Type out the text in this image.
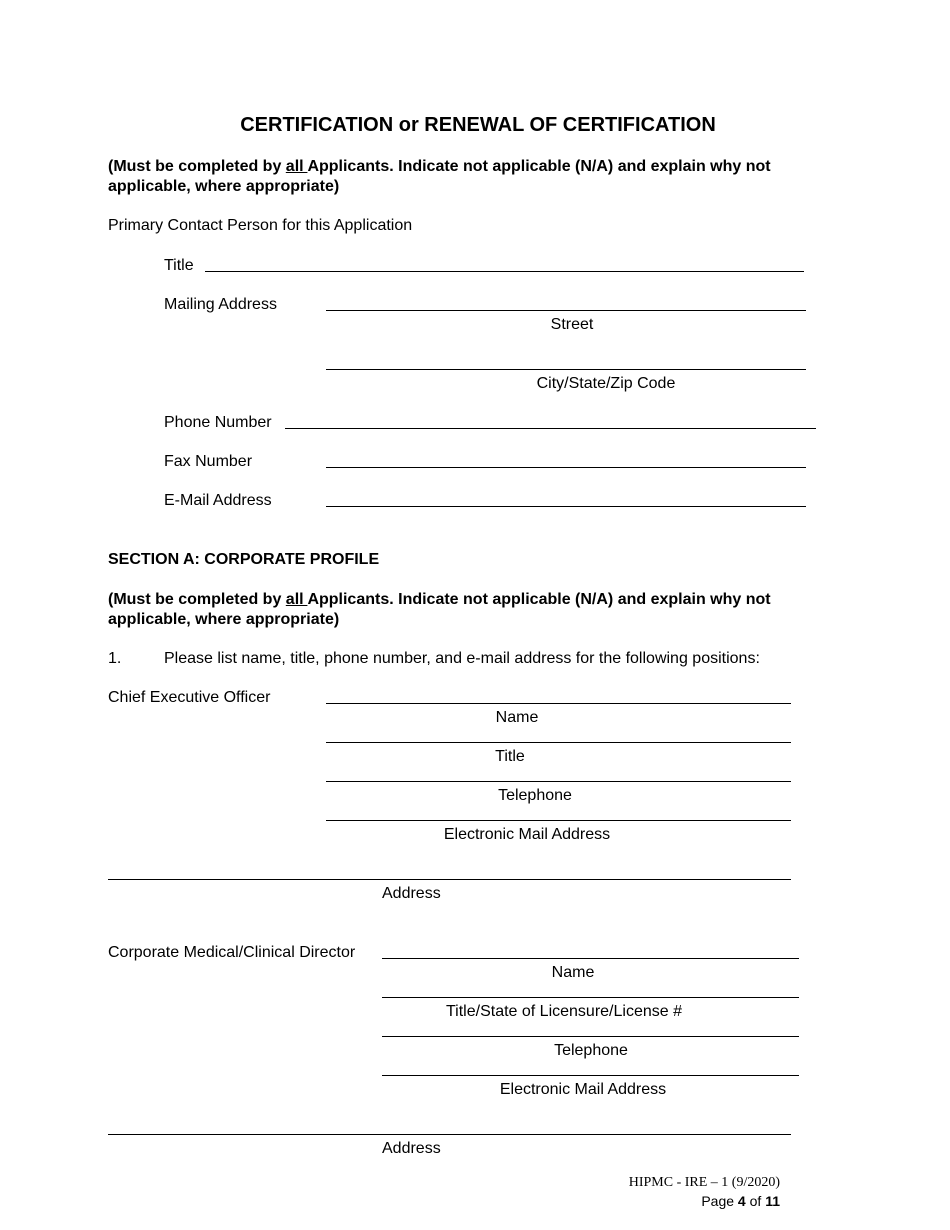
CERTIFICATION or RENEWAL OF CERTIFICATION
(Must be completed by all Applicants. Indicate not applicable (N/A) and explain why not applicable, where appropriate)
Primary Contact Person for this Application
Title
Mailing Address
Street
City/State/Zip Code
Phone Number
Fax Number
E-Mail Address
SECTION A: CORPORATE PROFILE
(Must be completed by all Applicants. Indicate not applicable (N/A) and explain why not applicable, where appropriate)
1.	Please list name, title, phone number, and e-mail address for the following positions:
Chief Executive Officer
Name
Title
Telephone
Electronic Mail Address
Address
Corporate Medical/Clinical Director
Name
Title/State of Licensure/License #
Telephone
Electronic Mail Address
Address
HIPMC - IRE – 1 (9/2020)
Page 4 of 11
